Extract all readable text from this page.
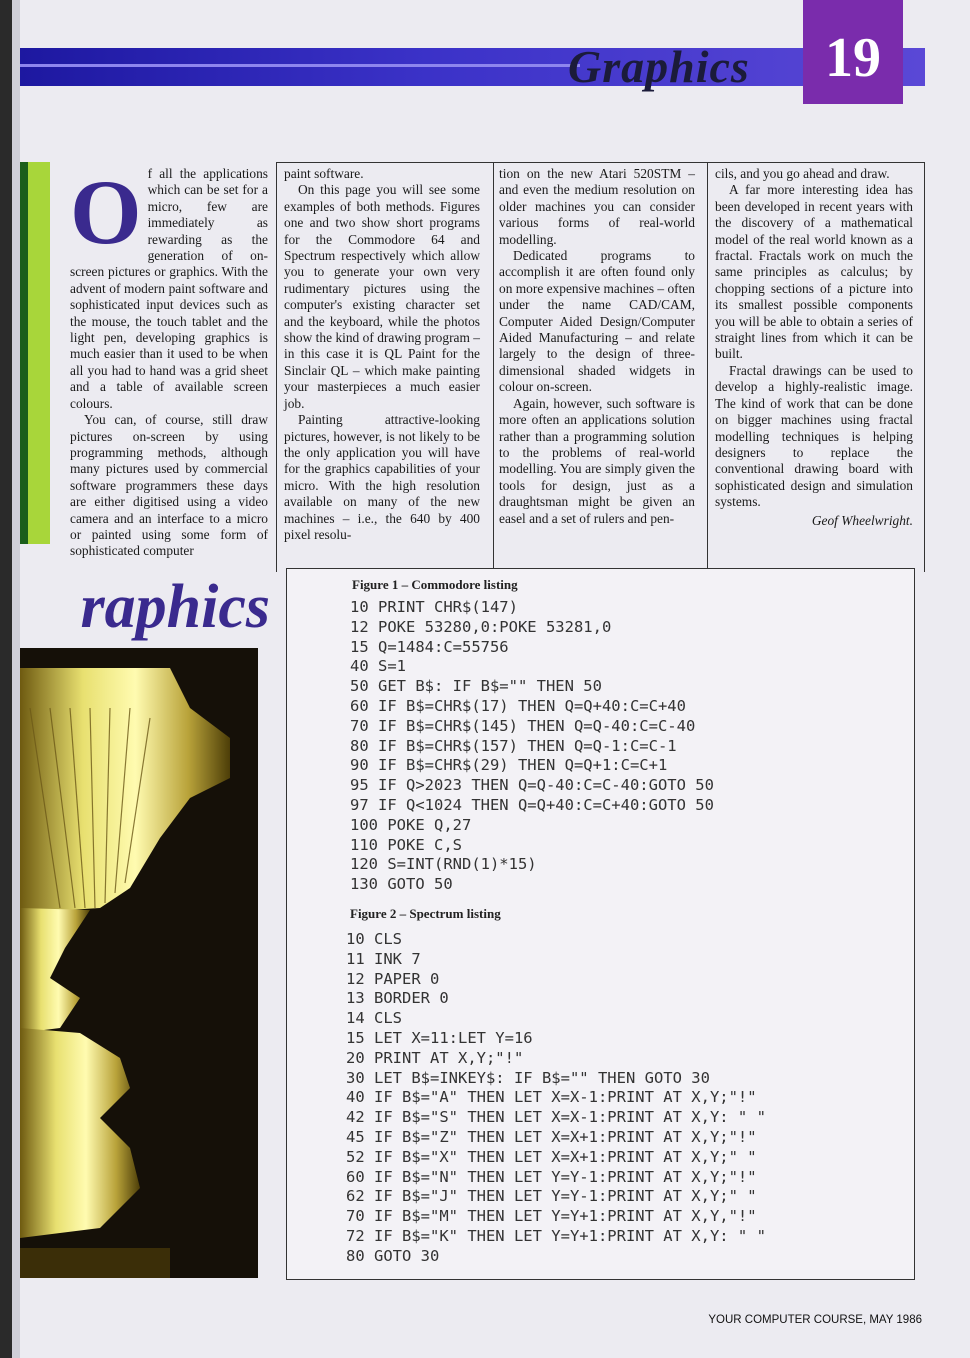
Graphics	19
O f all the applications which can be set for a micro, few are immediately as rewarding as the generation of on-screen pictures or graphics. With the advent of modern paint software and sophisticated input devices such as the mouse, the touch tablet and the light pen, developing graphics is much easier than it used to be when all you had to hand was a grid sheet and a table of available screen colours.

You can, of course, still draw pictures on-screen by using programming methods, although many pictures used by commercial software programmers these days are either digitised using a video camera and an interface to a micro or painted using some form of sophisticated computer

paint software.

On this page you will see some examples of both methods. Figures one and two show short programs for the Commodore 64 and Spectrum respectively which allow you to generate your own very rudimentary pictures using the computer's existing character set and the keyboard, while the photos show the kind of drawing program – in this case it is QL Paint for the Sinclair QL – which make painting your masterpieces a much easier job.

Painting attractive-looking pictures, however, is not likely to be the only application you will have for the graphics capabilities of your micro. With the high resolution available on many of the new machines – i.e., the 640 by 400 pixel resolu-

tion on the new Atari 520STM – and even the medium resolution on older machines you can consider various forms of real-world modelling.

Dedicated programs to accomplish it are often found only on more expensive machines – often under the name CAD/CAM, Computer Aided Design/Computer Aided Manufacturing – and relate largely to the design of three-dimensional shaded widgets in colour on-screen.

Again, however, such software is more often an applications solution rather than a programming solution to the problems of real-world modelling. You are simply given the tools for design, just as a draughtsman might be given an easel and a set of rulers and pen-

cils, and you go ahead and draw.

A far more interesting idea has been developed in recent years with the discovery of a mathematical model of the real world known as a fractal. Fractals work on much the same principles as calculus; by chopping sections of a picture into its smallest possible components you will be able to obtain a series of straight lines from which it can be built.

Fractal drawings can be used to develop a highly-realistic image. The kind of work that can be done on bigger machines using fractal modelling techniques is helping designers to replace the conventional drawing board with sophisticated design and simulation systems.

Geof Wheelwright.
raphics	Figure 1 – Commodore listing
10 PRINT CHR$(147)
12 POKE 53280,0:POKE 53281,0
15 Q=1484:C=55756
40 S=1
50 GET B$: IF B$="" THEN 50
60 IF B$=CHR$(17) THEN Q=Q+40:C=C+40
70 IF B$=CHR$(145) THEN Q=Q-40:C=C-40
80 IF B$=CHR$(157) THEN Q=Q-1:C=C-1
90 IF B$=CHR$(29) THEN Q=Q+1:C=C+1
95 IF Q>2023 THEN Q=Q-40:C=C-40:GOTO 50
97 IF Q<1024 THEN Q=Q+40:C=C+40:GOTO 50
100 POKE Q,27
110 POKE C,S
120 S=INT(RND(1)*15)
130 GOTO 50
Figure 2 – Spectrum listing
10 CLS
11 INK 7
12 PAPER 0
13 BORDER 0
14 CLS
15 LET X=11:LET Y=16
20 PRINT AT X,Y;"!"
30 LET B$=INKEY$: IF B$="" THEN GOTO 30
40 IF B$="A" THEN LET X=X-1:PRINT AT X,Y;"!"
42 IF B$="S" THEN LET X=X-1:PRINT AT X,Y: " "
45 IF B$="Z" THEN LET X=X+1:PRINT AT X,Y;"!"
52 IF B$="X" THEN LET X=X+1:PRINT AT X,Y;" "
60 IF B$="N" THEN LET Y=Y-1:PRINT AT X,Y;"!"
62 IF B$="J" THEN LET Y=Y-1:PRINT AT X,Y;" "
70 IF B$="M" THEN LET Y=Y+1:PRINT AT X,Y,"!"
72 IF B$="K" THEN LET Y=Y+1:PRINT AT X,Y: " "
80 GOTO 30
YOUR COMPUTER COURSE, MAY 1986
